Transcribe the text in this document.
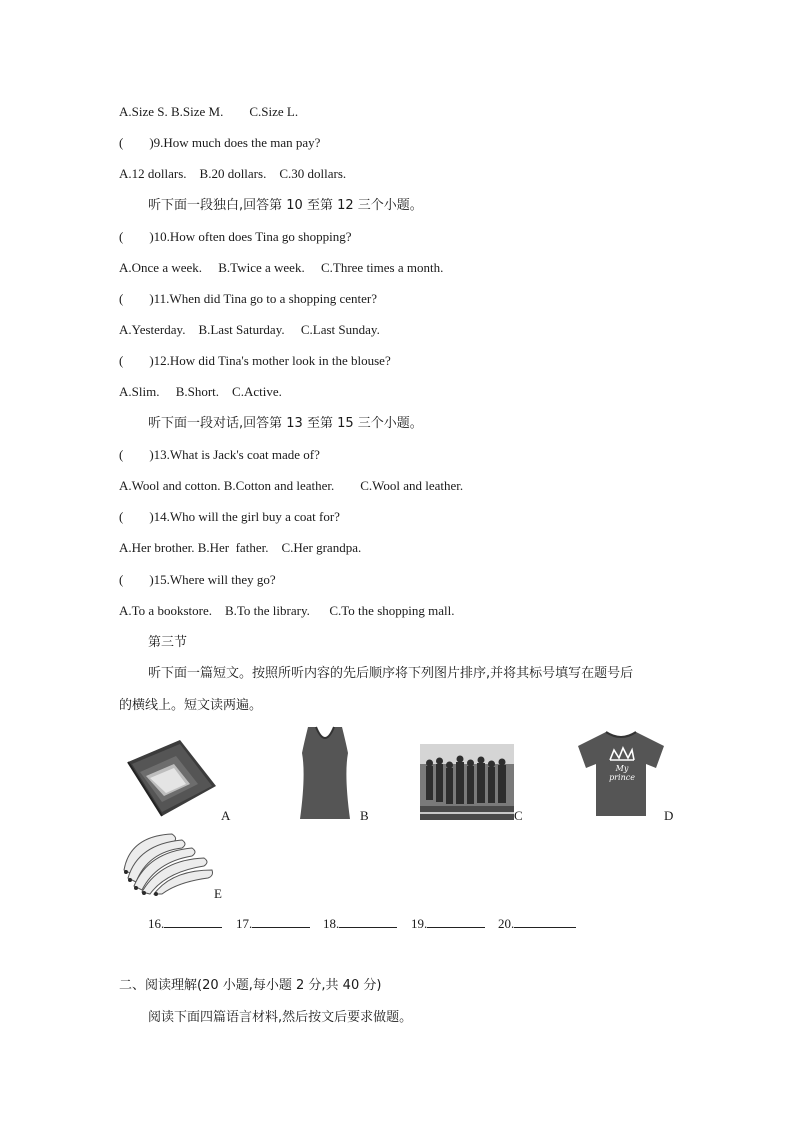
A.Size S. B.Size M.        C.Size L.
(        )9.How much does the man pay?
A.12 dollars.    B.20 dollars.    C.30 dollars.
听下面一段独白,回答第 10 至第 12 三个小题。
(        )10.How often does Tina go shopping?
A.Once a week.     B.Twice a week.     C.Three times a month.
(        )11.When did Tina go to a shopping center?
A.Yesterday.    B.Last Saturday.     C.Last Sunday.
(        )12.How did Tina's mother look in the blouse?
A.Slim.     B.Short.    C.Active.
听下面一段对话,回答第 13 至第 15 三个小题。
(        )13.What is Jack's coat made of?
A.Wool and cotton. B.Cotton and leather.        C.Wool and leather.
(        )14.Who will the girl buy a coat for?
A.Her brother. B.Her  father.    C.Her grandpa.
(        )15.Where will they go?
A.To a bookstore.    B.To the library.      C.To the shopping mall.
第三节
听下面一篇短文。按照所听内容的先后顺序将下列图片排序,并将其标号填写在题号后
的横线上。短文读两遍。
A	B	C
My prince
D
E
16.	17.	18.	19.	20.
二、阅读理解(20 小题,每小题 2 分,共 40 分)
阅读下面四篇语言材料,然后按文后要求做题。
